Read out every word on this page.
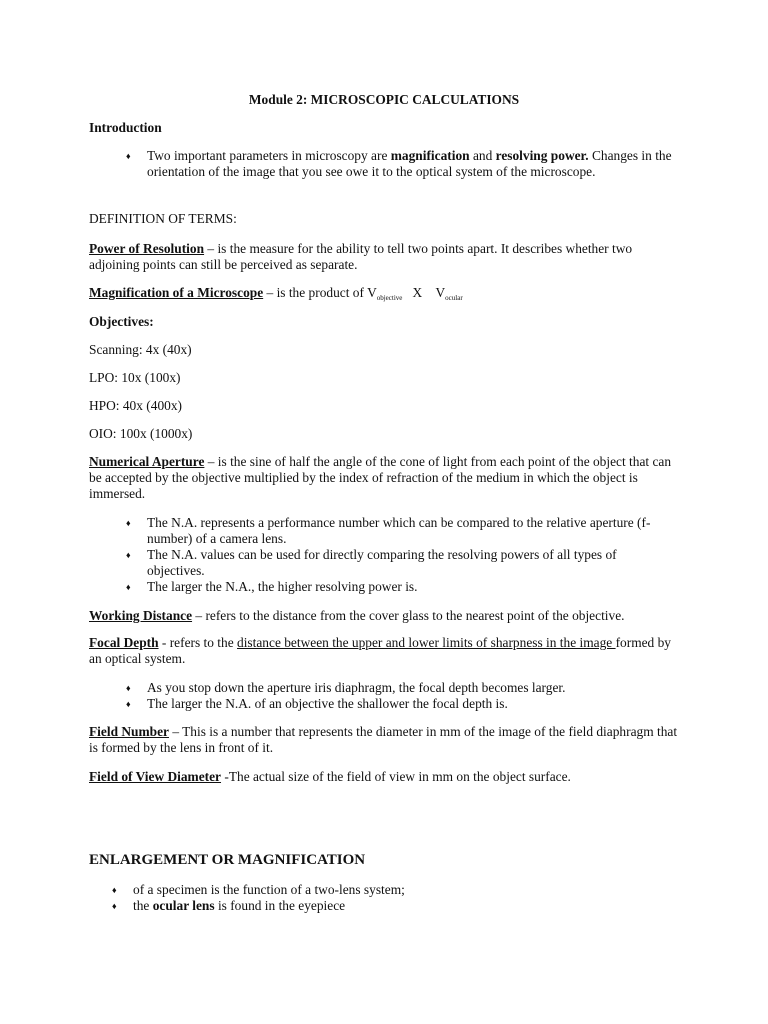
Module 2: MICROSCOPIC CALCULATIONS

Introduction

♦ Two important parameters in microscopy are magnification and resolving power. Changes in the orientation of the image that you see owe it to the optical system of the microscope.

DEFINITION OF TERMS:

Power of Resolution – is the measure for the ability to tell two points apart. It describes whether two adjoining points can still be perceived as separate.

Magnification of a Microscope – is the product of $V_{objective}$ X $V_{ocular}$

Objectives:

Scanning: 4x (40x)

LPO: 10x (100x)

HPO: 40x (400x)

OIO: 100x (1000x)

Numerical Aperture – is the sine of half the angle of the cone of light from each point of the object that can be accepted by the objective multiplied by the index of refraction of the medium in which the object is immersed.

♦ The N.A. represents a performance number which can be compared to the relative aperture (f-number) of a camera lens.
♦ The N.A. values can be used for directly comparing the resolving powers of all types of objectives.
♦ The larger the N.A., the higher resolving power is.

Working Distance – refers to the distance from the cover glass to the nearest point of the objective.

Focal Depth - refers to the distance between the upper and lower limits of sharpness in the image formed by an optical system.

♦ As you stop down the aperture iris diaphragm, the focal depth becomes larger.
♦ The larger the N.A. of an objective the shallower the focal depth is.

Field Number – This is a number that represents the diameter in mm of the image of the field diaphragm that is formed by the lens in front of it.

Field of View Diameter -The actual size of the field of view in mm on the object surface.

ENLARGEMENT OR MAGNIFICATION

♦ of a specimen is the function of a two-lens system;
♦ the ocular lens is found in the eyepiece
